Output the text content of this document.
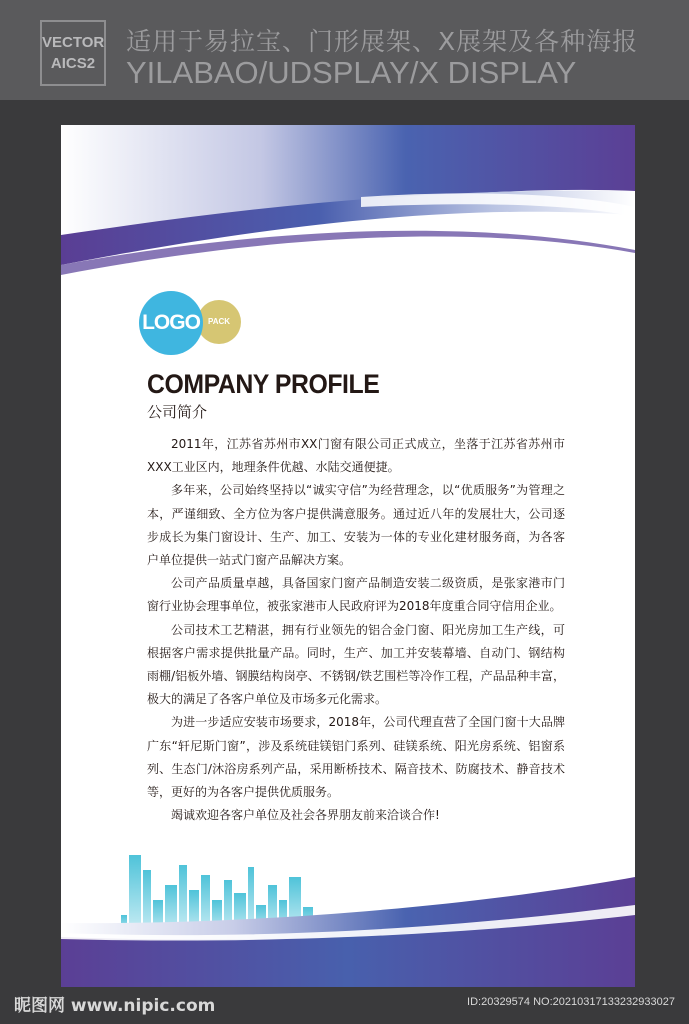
VECTOR
AICS2
适用于易拉宝、门形展架、X展架及各种海报
YILABAO/UDSPLAY/X DISPLAY
PACK
LOGO
COMPANY PROFILE
公司简介

2011年，江苏省苏州市XX门窗有限公司正式成立，坐落于江苏省苏州市XXX工业区内，地理条件优越、水陆交通便捷。

多年来，公司始终坚持以“诚实守信”为经营理念，以“优质服务”为管理之本，严谨细致、全方位为客户提供满意服务。通过近八年的发展壮大，公司逐步成长为集门窗设计、生产、加工、安装为一体的专业化建材服务商，为各客户单位提供一站式门窗产品解决方案。

公司产品质量卓越，具备国家门窗产品制造安装二级资质，是张家港市门窗行业协会理事单位，被张家港市人民政府评为2018年度重合同守信用企业。

公司技术工艺精湛，拥有行业领先的铝合金门窗、阳光房加工生产线，可根据客户需求提供批量产品。同时，生产、加工并安装幕墙、自动门、钢结构雨棚/铝板外墙、钢膜结构岗亭、不锈钢/铁艺围栏等冷作工程，产品品种丰富，极大的满足了各客户单位及市场多元化需求。

为进一步适应安装市场要求，2018年，公司代理直营了全国门窗十大品牌广东“轩尼斯门窗”，涉及系统硅镁铝门系列、硅镁系统、阳光房系统、铝窗系列、生态门/沐浴房系列产品，采用断桥技术、隔音技术、防腐技术、静音技术等，更好的为各客户提供优质服务。

竭诚欢迎各客户单位及社会各界朋友前来洽谈合作!

昵图网 www.nipic.com	ID:20329574 NO:20210317133232933027
